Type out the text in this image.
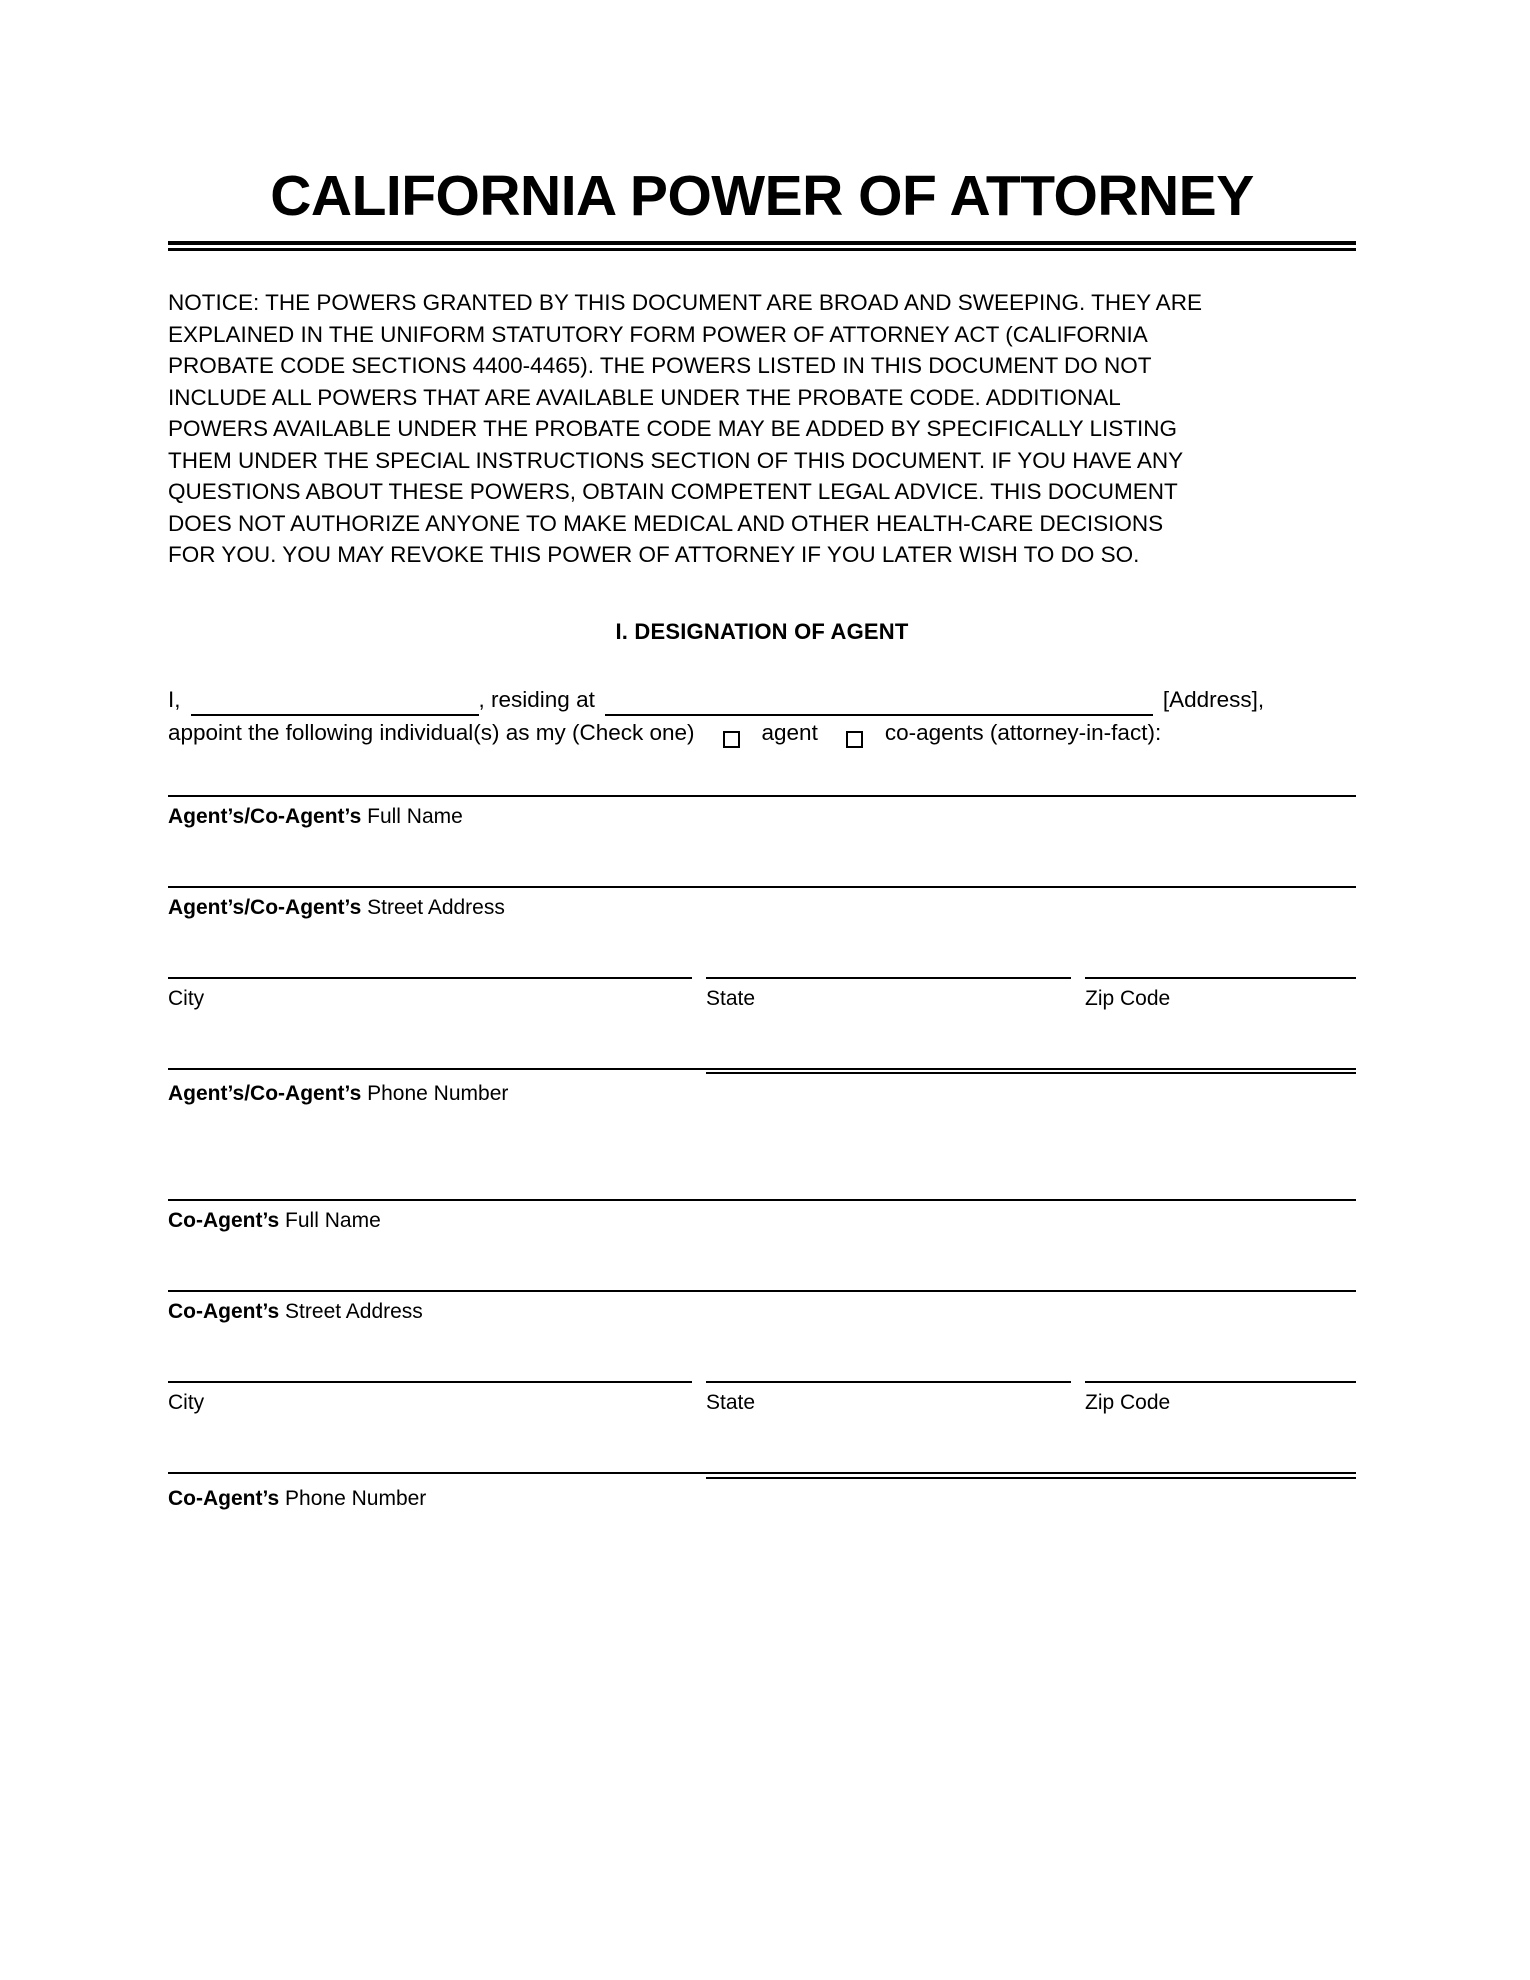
CALIFORNIA POWER OF ATTORNEY
NOTICE: THE POWERS GRANTED BY THIS DOCUMENT ARE BROAD AND SWEEPING. THEY ARE
EXPLAINED IN THE UNIFORM STATUTORY FORM POWER OF ATTORNEY ACT (CALIFORNIA
PROBATE CODE SECTIONS 4400-4465). THE POWERS LISTED IN THIS DOCUMENT DO NOT
INCLUDE ALL POWERS THAT ARE AVAILABLE UNDER THE PROBATE CODE. ADDITIONAL
POWERS AVAILABLE UNDER THE PROBATE CODE MAY BE ADDED BY SPECIFICALLY LISTING
THEM UNDER THE SPECIAL INSTRUCTIONS SECTION OF THIS DOCUMENT. IF YOU HAVE ANY
QUESTIONS ABOUT THESE POWERS, OBTAIN COMPETENT LEGAL ADVICE. THIS DOCUMENT
DOES NOT AUTHORIZE ANYONE TO MAKE MEDICAL AND OTHER HEALTH-CARE DECISIONS
FOR YOU. YOU MAY REVOKE THIS POWER OF ATTORNEY IF YOU LATER WISH TO DO SO.
I. DESIGNATION OF AGENT
I,	, residing at	[Address],
appoint the following individual(s) as my (Check one)	agent	co-agents (attorney-in-fact):
Agent’s/Co-Agent’s Full Name
Agent’s/Co-Agent’s Street Address
City	State	Zip Code
Agent’s/Co-Agent’s Phone Number
Co-Agent’s Full Name
Co-Agent’s Street Address
City	State	Zip Code
Co-Agent’s Phone Number
